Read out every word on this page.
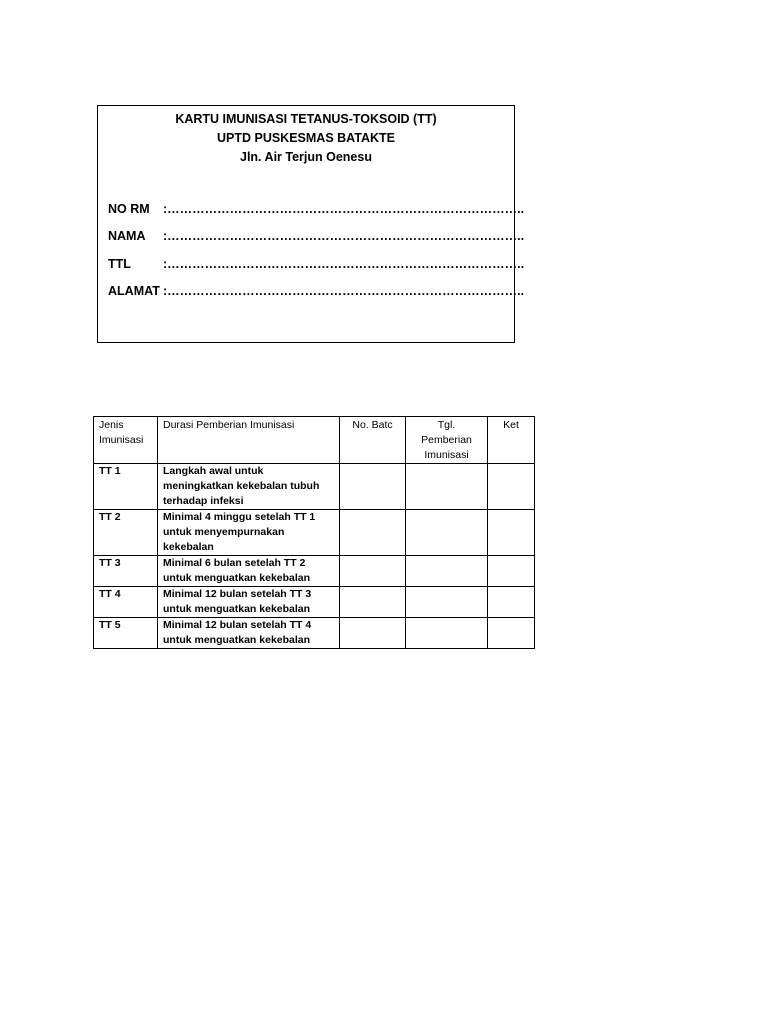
KARTU IMUNISASI TETANUS-TOKSOID (TT)
UPTD PUSKESMAS BATAKTE
Jln. Air Terjun Oenesu
NO RM :…………………………………………………………………………..
NAMA :…………………………………………………………………………..
TTL	:…………………………………………………………………………..
ALAMAT :…………………………………………………………………………..
Jenis Imunisasi	Durasi Pemberian Imunisasi	No. Batc	Tgl. Pemberian Imunisasi	Ket
TT 1	Langkah awal untuk meningkatkan kekebalan tubuh terhadap infeksi			
TT 2	Minimal 4 minggu setelah TT 1 untuk menyempurnakan kekebalan			
TT 3	Minimal 6 bulan setelah TT 2 untuk menguatkan kekebalan			
TT 4	Minimal 12 bulan setelah TT 3 untuk menguatkan kekebalan			
TT 5	Minimal 12 bulan setelah TT 4 untuk menguatkan kekebalan			
